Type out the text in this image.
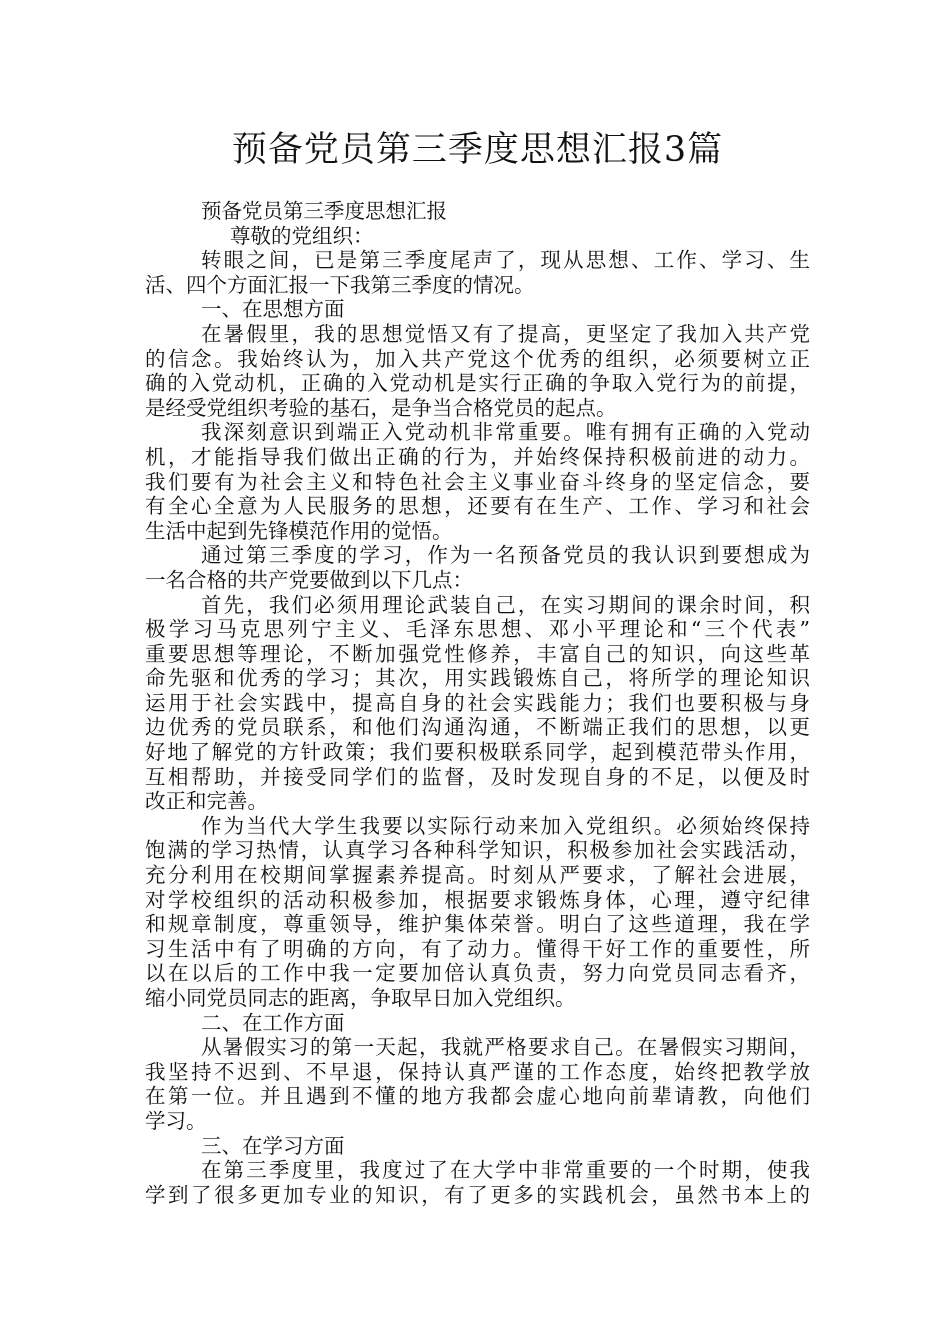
预备党员第三季度思想汇报3篇
预备党员第三季度思想汇报
尊敬的党组织：
转眼之间，已是第三季度尾声了，现从思想、工作、学习、生
活、四个方面汇报一下我第三季度的情况。
一、在思想方面
在暑假里，我的思想觉悟又有了提高，更坚定了我加入共产党
的信念。我始终认为，加入共产党这个优秀的组织，必须要树立正
确的入党动机，正确的入党动机是实行正确的争取入党行为的前提，
是经受党组织考验的基石，是争当合格党员的起点。
我深刻意识到端正入党动机非常重要。唯有拥有正确的入党动
机，才能指导我们做出正确的行为，并始终保持积极前进的动力。
我们要有为社会主义和特色社会主义事业奋斗终身的坚定信念，要
有全心全意为人民服务的思想，还要有在生产、工作、学习和社会
生活中起到先锋模范作用的觉悟。
通过第三季度的学习，作为一名预备党员的我认识到要想成为
一名合格的共产党要做到以下几点：
首先，我们必须用理论武装自己，在实习期间的课余时间，积
极学习马克思列宁主义、毛泽东思想、邓小平理论和“三个代表”
重要思想等理论，不断加强党性修养，丰富自己的知识，向这些革
命先驱和优秀的学习；其次，用实践锻炼自己，将所学的理论知识
运用于社会实践中，提高自身的社会实践能力；我们也要积极与身
边优秀的党员联系，和他们沟通沟通，不断端正我们的思想，以更
好地了解党的方针政策；我们要积极联系同学，起到模范带头作用，
互相帮助，并接受同学们的监督，及时发现自身的不足，以便及时
改正和完善。
作为当代大学生我要以实际行动来加入党组织。必须始终保持
饱满的学习热情，认真学习各种科学知识，积极参加社会实践活动，
充分利用在校期间掌握素养提高。时刻从严要求，了解社会进展，
对学校组织的活动积极参加，根据要求锻炼身体，心理，遵守纪律
和规章制度，尊重领导，维护集体荣誉。明白了这些道理，我在学
习生活中有了明确的方向，有了动力。懂得干好工作的重要性，所
以在以后的工作中我一定要加倍认真负责，努力向党员同志看齐，
缩小同党员同志的距离，争取早日加入党组织。
二、在工作方面
从暑假实习的第一天起，我就严格要求自己。在暑假实习期间，
我坚持不迟到、不早退，保持认真严谨的工作态度，始终把教学放
在第一位。并且遇到不懂的地方我都会虚心地向前辈请教，向他们
学习。
三、在学习方面
在第三季度里，我度过了在大学中非常重要的一个时期，使我
学到了很多更加专业的知识，有了更多的实践机会，虽然书本上的
